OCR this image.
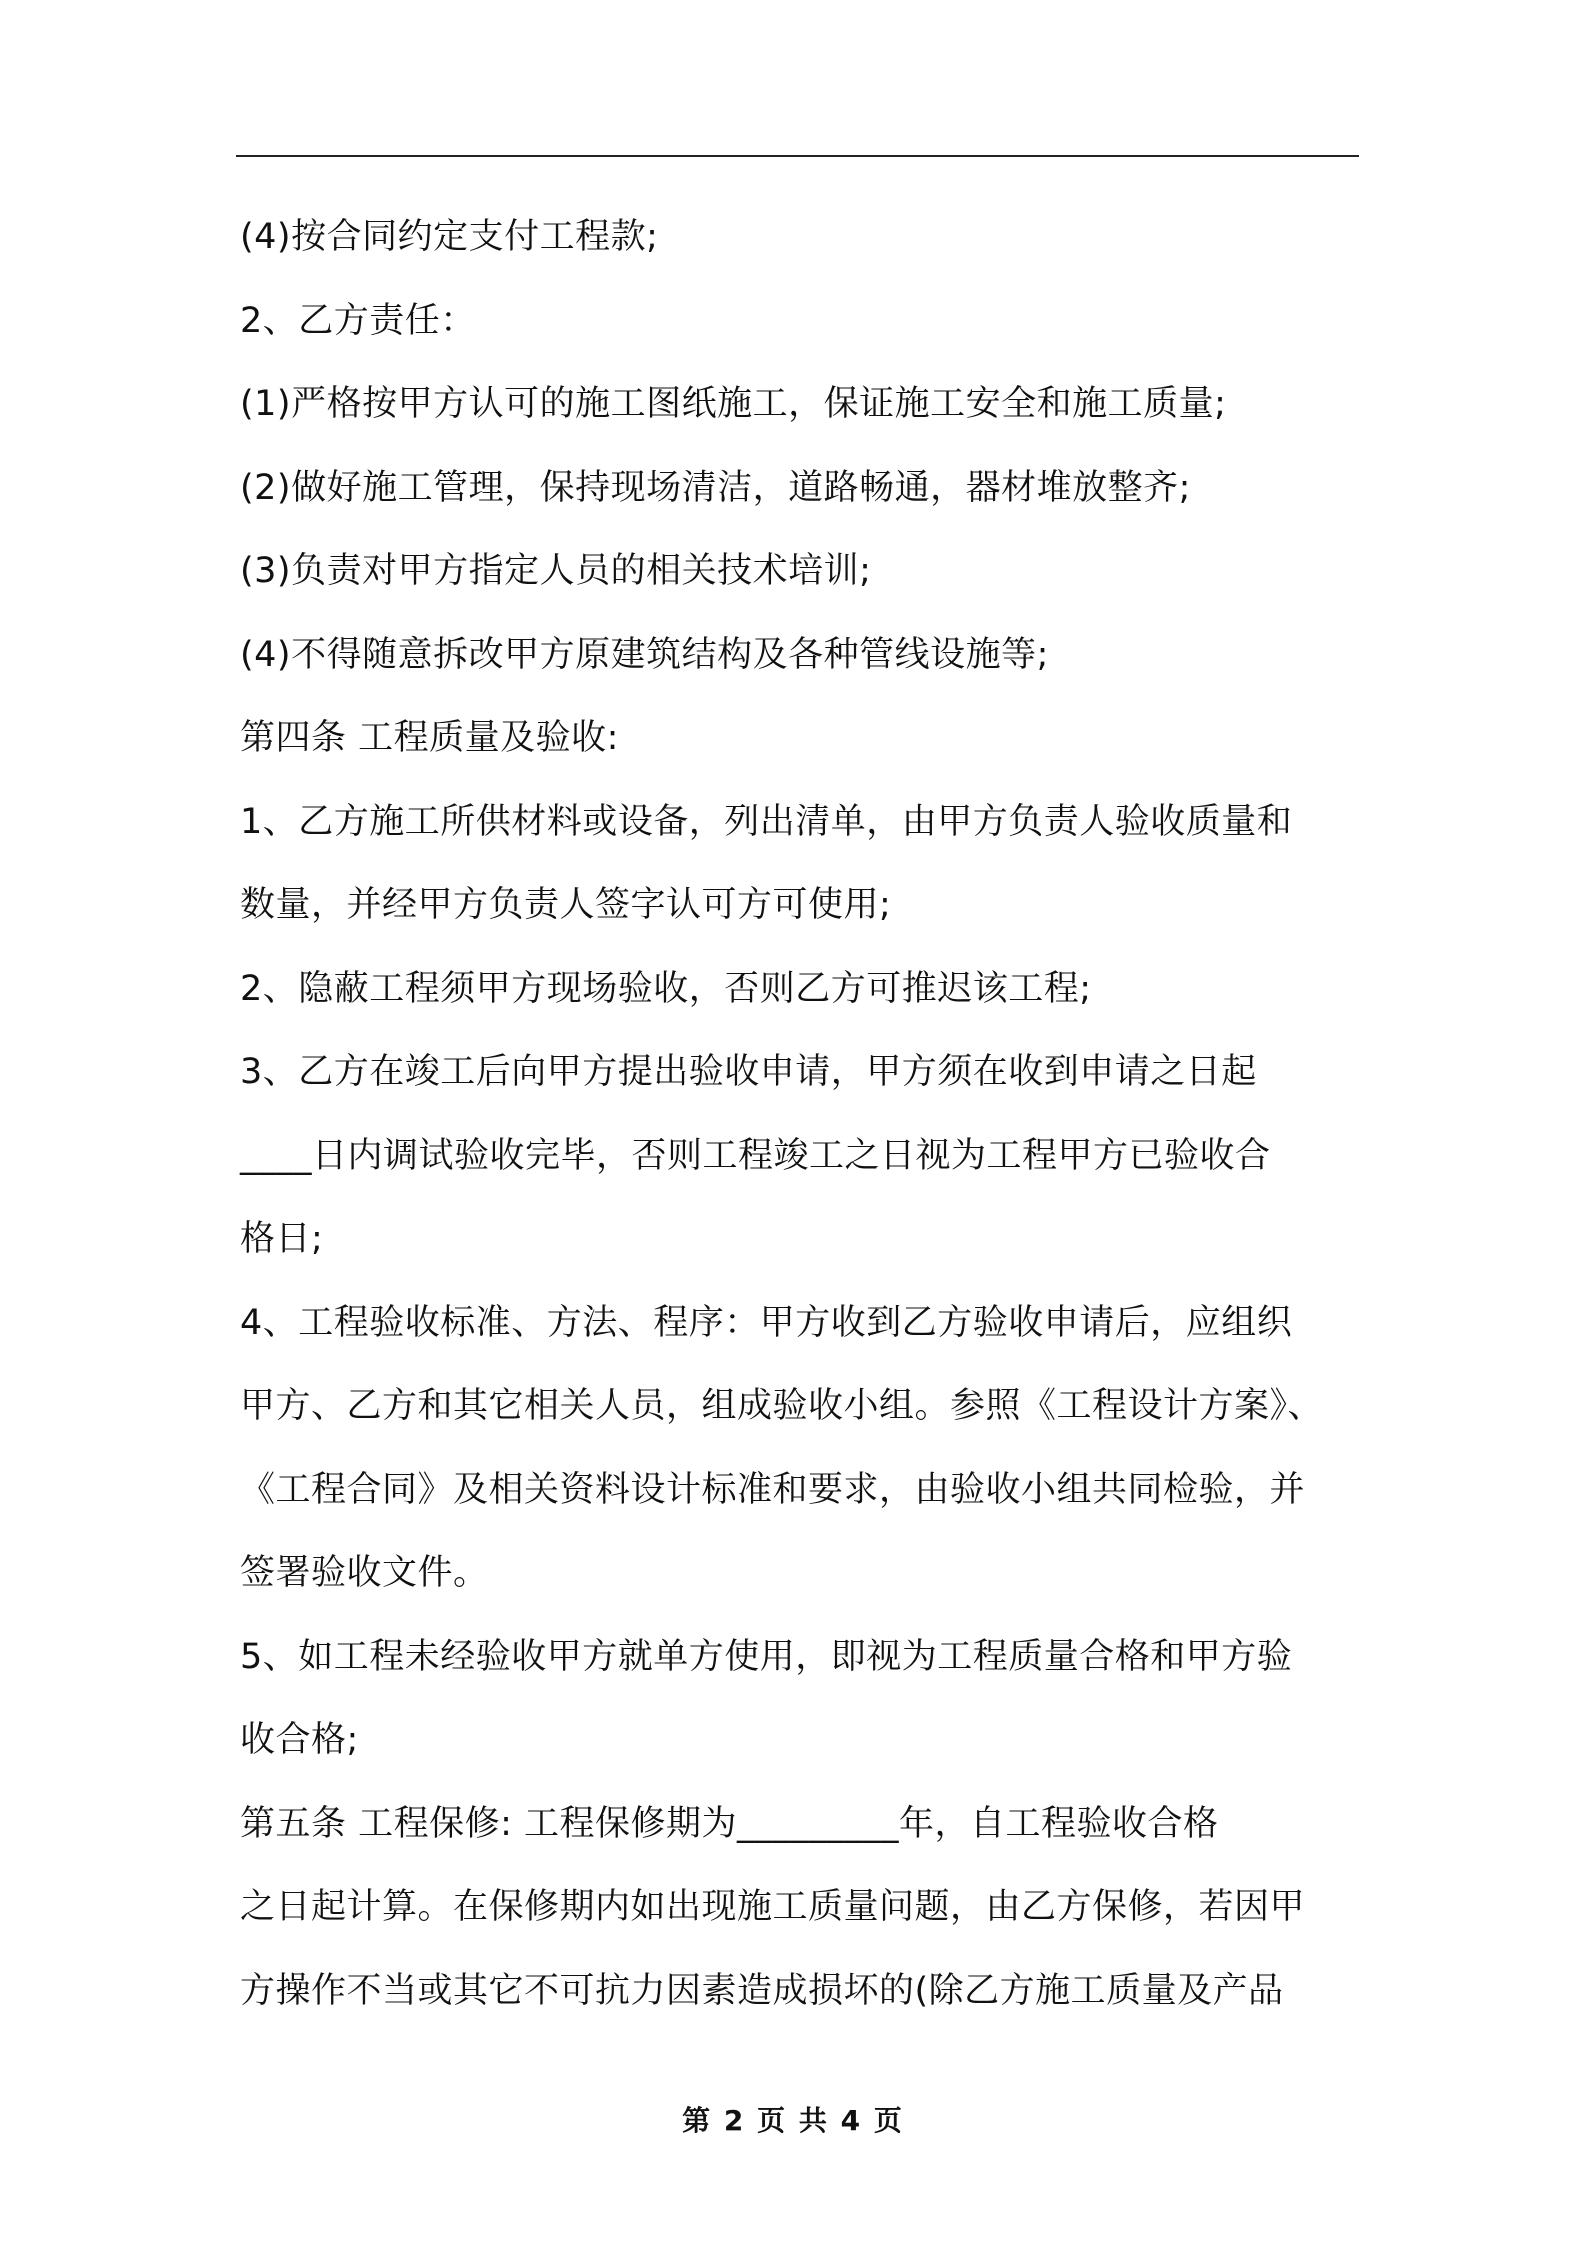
(4)按合同约定支付工程款;
2、乙方责任：
(1)严格按甲方认可的施工图纸施工，保证施工安全和施工质量;
(2)做好施工管理，保持现场清洁，道路畅通，器材堆放整齐;
(3)负责对甲方指定人员的相关技术培训;
(4)不得随意拆改甲方原建筑结构及各种管线设施等;
第四条 工程质量及验收:
1、乙方施工所供材料或设备，列出清单，由甲方负责人验收质量和
数量，并经甲方负责人签字认可方可使用;
2、隐蔽工程须甲方现场验收，否则乙方可推迟该工程;
3、乙方在竣工后向甲方提出验收申请，甲方须在收到申请之日起
____日内调试验收完毕，否则工程竣工之日视为工程甲方已验收合
格日;
4、工程验收标准、方法、程序：甲方收到乙方验收申请后，应组织
甲方、乙方和其它相关人员，组成验收小组。参照《工程设计方案》、
《工程合同》及相关资料设计标准和要求，由验收小组共同检验，并
签署验收文件。
5、如工程未经验收甲方就单方使用，即视为工程质量合格和甲方验
收合格;
第五条 工程保修: 工程保修期为_________年，自工程验收合格
之日起计算。在保修期内如出现施工质量问题，由乙方保修，若因甲
方操作不当或其它不可抗力因素造成损坏的(除乙方施工质量及产品
第 2 页 共 4 页
